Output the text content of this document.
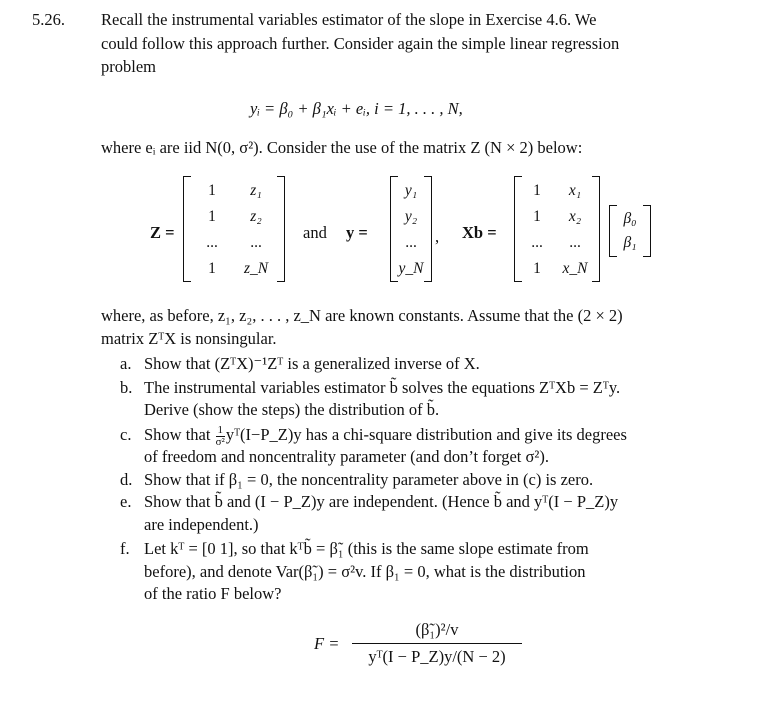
5.26. Recall the instrumental variables estimator of the slope in Exercise 4.6. We
could follow this approach further. Consider again the simple linear regression
problem
yᵢ = β₀ + β₁xᵢ + eᵢ, i = 1, . . . , N,
where eᵢ are iid N(0, σ²). Consider the use of the matrix Z (N × 2) below:
Z =
1	z₁
1	z₂
...	...
1	z_N
and y =
y₁
y₂
...
y_N
, Xb =
1	x₁
1	x₂
...	...
1	x_N
β₀
β₁
where, as before, z₁, z₂, . . . , z_N are known constants. Assume that the (2 × 2)
matrix ZᵀX is nonsingular.
a. Show that (ZᵀX)⁻¹Zᵀ is a generalized inverse of X.
b. The instrumental variables estimator b̃ solves the equations ZᵀXb = Zᵀy.
Derive (show the steps) the distribution of b̃.
c. Show that $\frac{1}{\text{σ²}}$ yᵀ(I−P_Z)y has a chi-square distribution and give its degrees
of freedom and noncentrality parameter (and don’t forget σ²).
d. Show that if β₁ = 0, the noncentrality parameter above in (c) is zero.
e. Show that b̃ and (I − P_Z)y are independent. (Hence b̃ and yᵀ(I − P_Z)y
are independent.)
f. Let kᵀ = [0 1], so that kᵀb̃ = β̃₁ (this is the same slope estimate from
before), and denote Var(β̃₁) = σ²v. If β₁ = 0, what is the distribution
of the ratio F below?
F =
(β̃₁)²/v
yᵀ(I − P_Z)y/(N − 2)
